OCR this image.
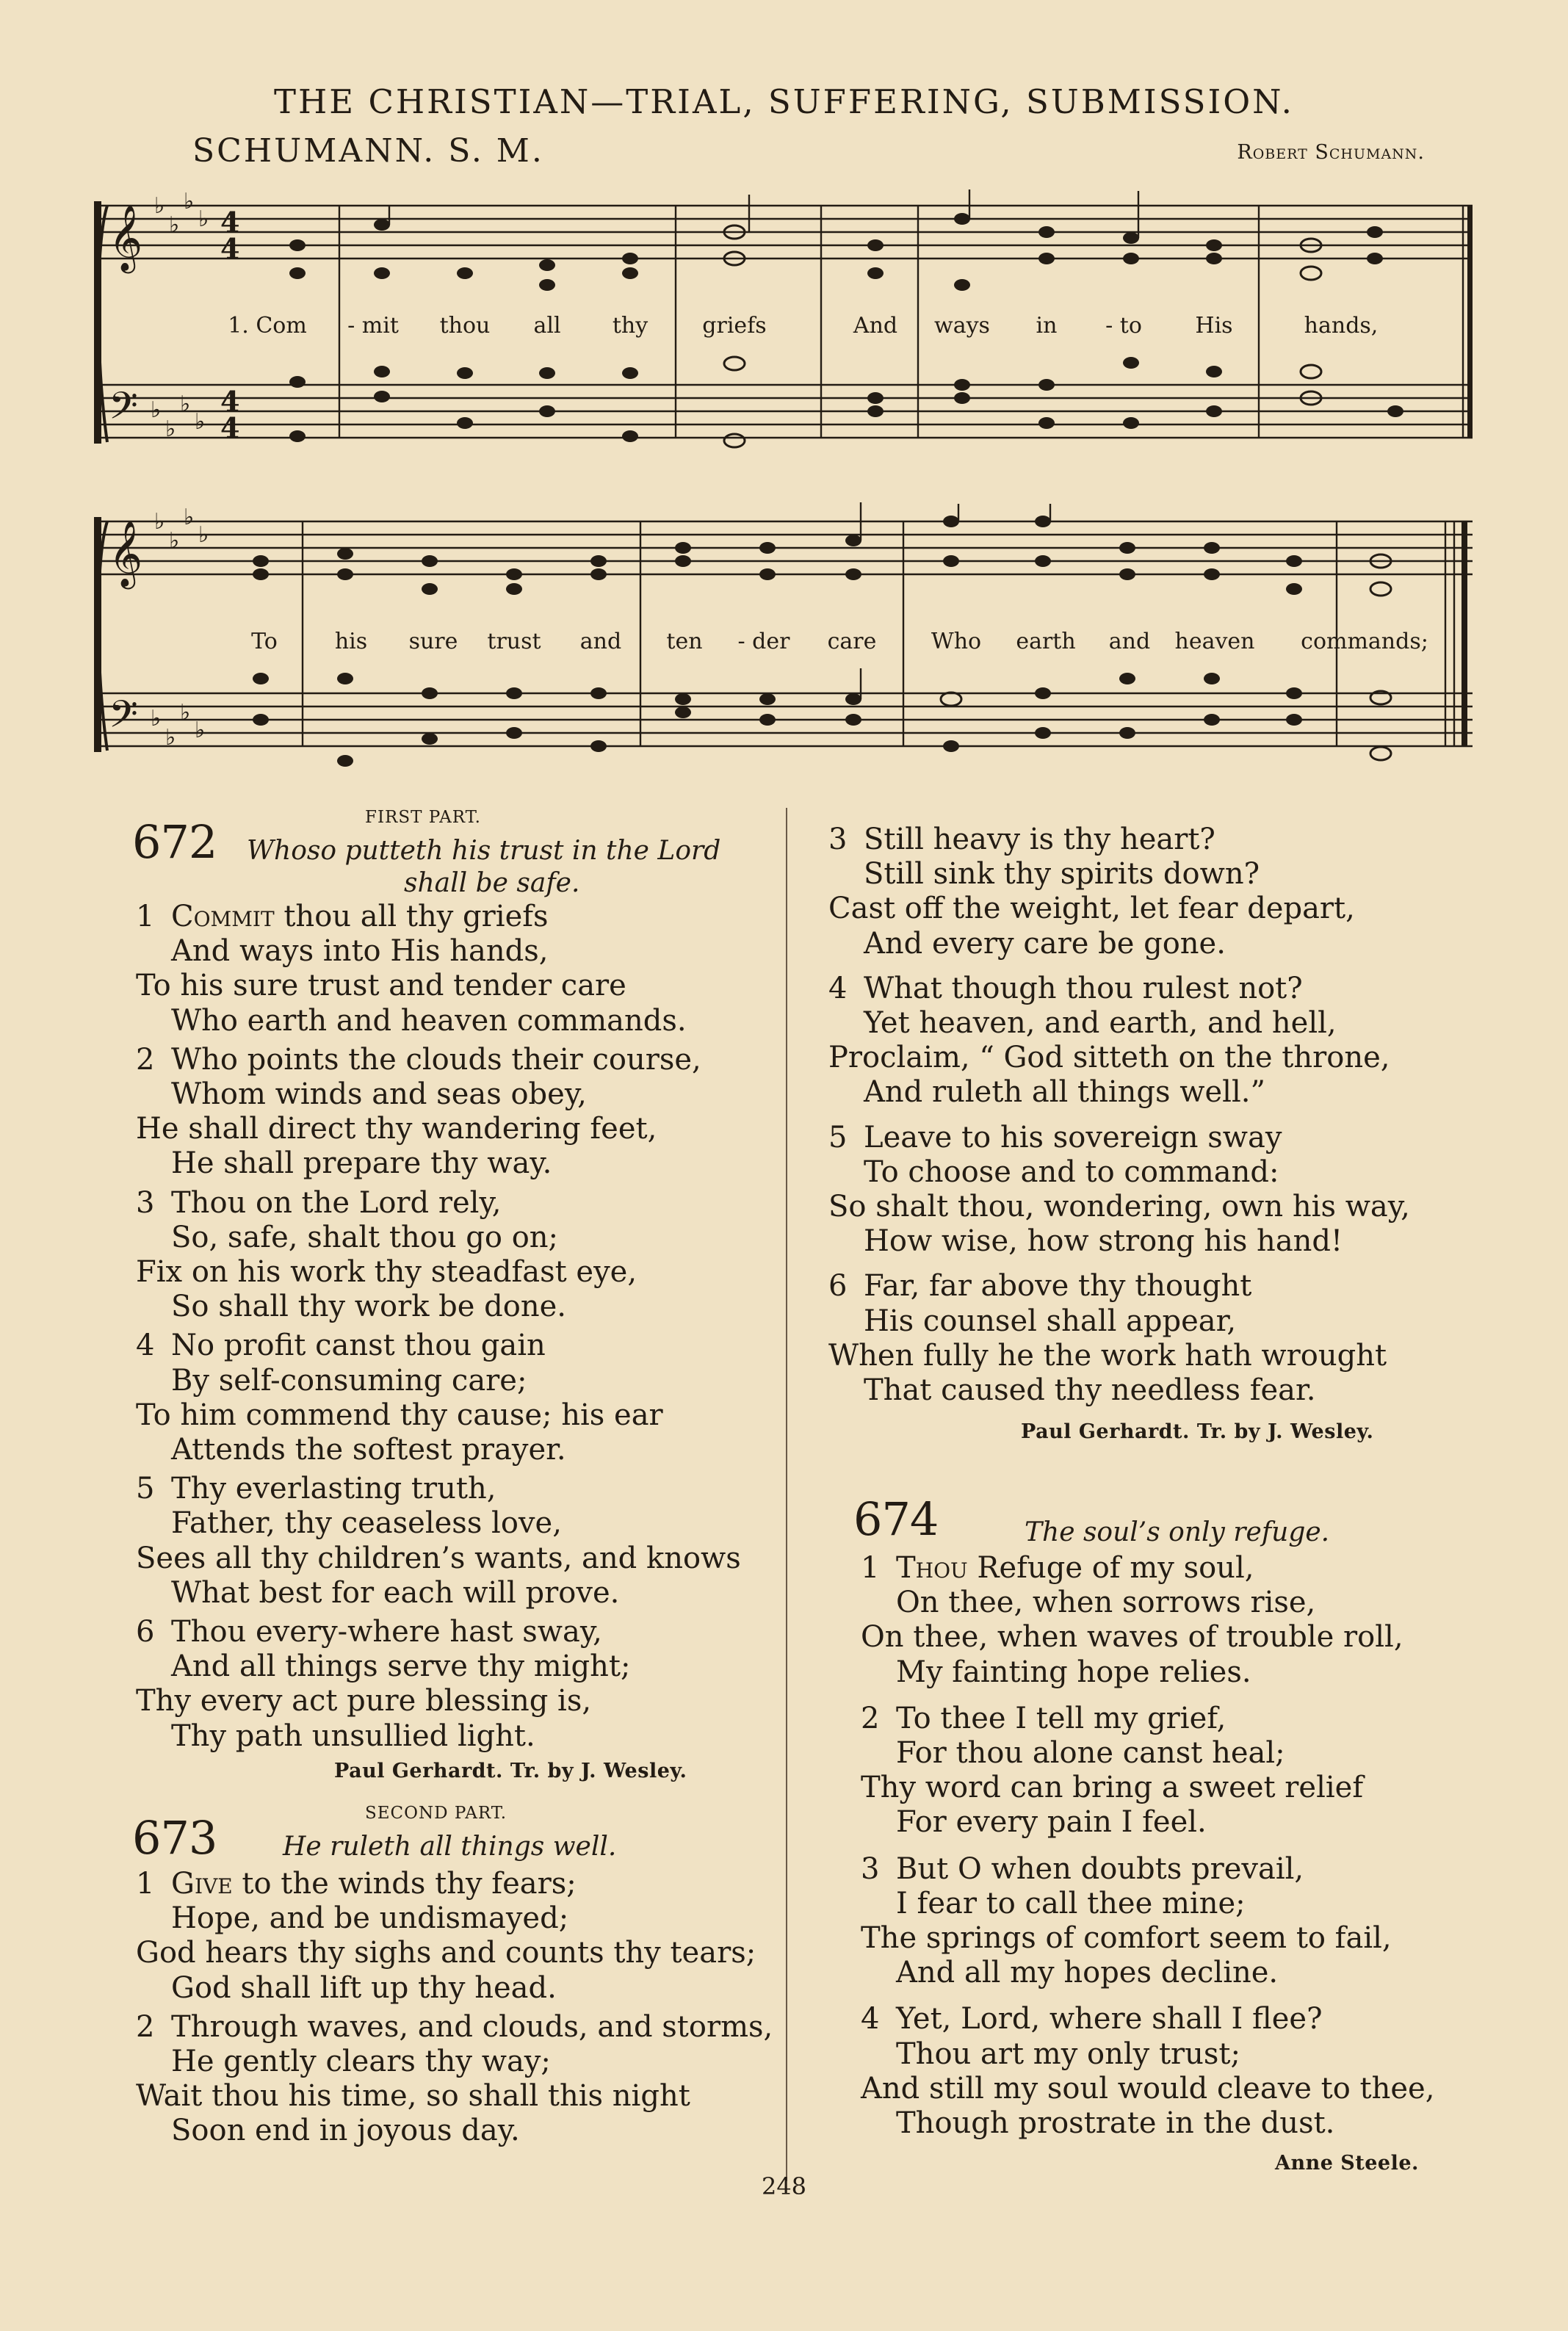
THE CHRISTIAN—TRIAL, SUFFERING, SUBMISSION.
SCHUMANN. S. M.	Robert Schumann.
𝄞
𝄢
♭
♭
♭
♭
♭
♭
♭
♭
4
4
4
4
1. Com - mit thou all thy griefs	And ways in - to His	hands,
𝄞
𝄢
♭
♭
♭
♭
♭
♭
♭
♭
To	his sure trust and ten - der care Who earth and heaven commands;
FIRST PART.
672 Whoso putteth his trust in the Lord
shall be safe.
1 Commit thou all thy griefs
And ways into His hands,
To his sure trust and tender care
Who earth and heaven commands.
2 Who points the clouds their course,
Whom winds and seas obey,
He shall direct thy wandering feet,
He shall prepare thy way.
3 Thou on the Lord rely,
So, safe, shalt thou go on;
Fix on his work thy steadfast eye,
So shall thy work be done.
4 No profit canst thou gain
By self-consuming care;
To him commend thy cause; his ear
Attends the softest prayer.
5 Thy everlasting truth,
Father, thy ceaseless love,
Sees all thy children’s wants, and knows
What best for each will prove.
6 Thou every-where hast sway,
And all things serve thy might;
Thy every act pure blessing is,
Thy path unsullied light.
Paul Gerhardt. Tr. by J. Wesley.
SECOND PART.
673 He ruleth all things well.
1 Give to the winds thy fears;
Hope, and be undismayed;
God hears thy sighs and counts thy tears;
God shall lift up thy head.
2 Through waves, and clouds, and storms,
He gently clears thy way;
Wait thou his time, so shall this night
Soon end in joyous day.
3 Still heavy is thy heart?
Still sink thy spirits down?
Cast off the weight, let fear depart,
And every care be gone.
4 What though thou rulest not?
Yet heaven, and earth, and hell,
Proclaim, “ God sitteth on the throne,
And ruleth all things well.”
5 Leave to his sovereign sway
To choose and to command:
So shalt thou, wondering, own his way,
How wise, how strong his hand!
6 Far, far above thy thought
His counsel shall appear,
When fully he the work hath wrought
That caused thy needless fear.
Paul Gerhardt. Tr. by J. Wesley.
674	The soul’s only refuge.
1 Thou Refuge of my soul,
On thee, when sorrows rise,
On thee, when waves of trouble roll,
My fainting hope relies.
2 To thee I tell my grief,
For thou alone canst heal;
Thy word can bring a sweet relief
For every pain I feel.
3 But O when doubts prevail,
I fear to call thee mine;
The springs of comfort seem to fail,
And all my hopes decline.
4 Yet, Lord, where shall I flee?
Thou art my only trust;
And still my soul would cleave to thee,
Though prostrate in the dust.
Anne Steele.
248
